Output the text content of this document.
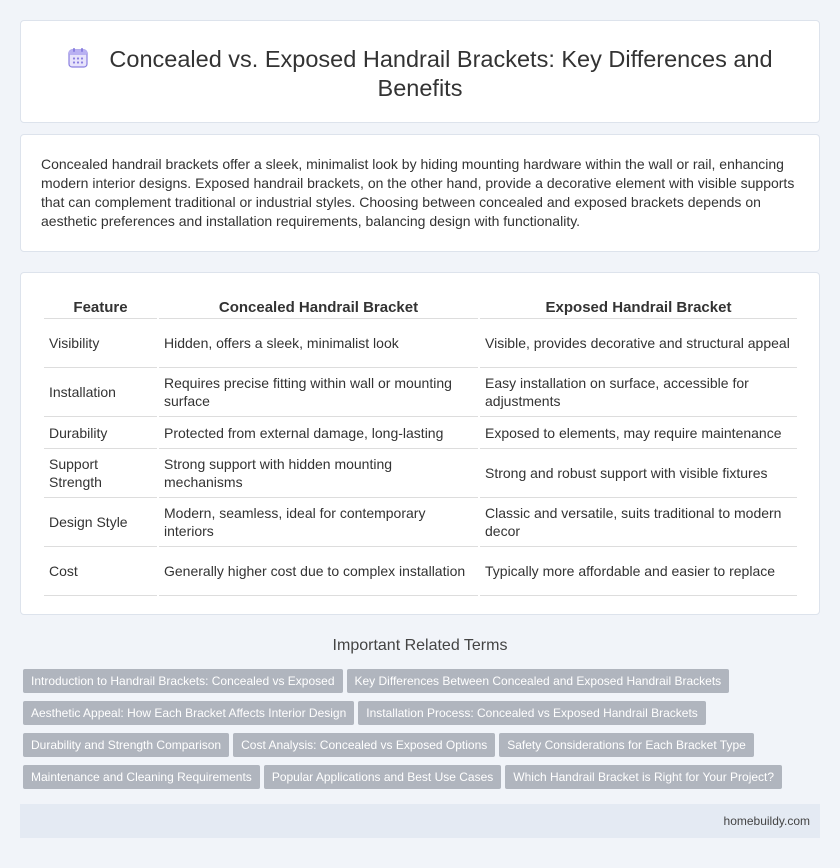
Concealed vs. Exposed Handrail Brackets: Key Differences and Benefits

Concealed handrail brackets offer a sleek, minimalist look by hiding mounting hardware within the wall or rail, enhancing modern interior designs. Exposed handrail brackets, on the other hand, provide a decorative element with visible supports that can complement traditional or industrial styles. Choosing between concealed and exposed brackets depends on aesthetic preferences and installation requirements, balancing design with functionality.

Feature	Concealed Handrail Bracket	Exposed Handrail Bracket
Visibility	Hidden, offers a sleek, minimalist look	Visible, provides decorative and structural appeal
Installation	Requires precise fitting within wall or mounting surface	Easy installation on surface, accessible for adjustments
Durability	Protected from external damage, long-lasting	Exposed to elements, may require maintenance
Support Strength	Strong support with hidden mounting mechanisms	Strong and robust support with visible fixtures
Design Style	Modern, seamless, ideal for contemporary interiors	Classic and versatile, suits traditional to modern decor
Cost	Generally higher cost due to complex installation	Typically more affordable and easier to replace
Important Related Terms
Introduction to Handrail Brackets: Concealed vs Exposed Key Differences Between Concealed and Exposed Handrail BracketsAesthetic Appeal: How Each Bracket Affects Interior Design Installation Process: Concealed vs Exposed Handrail BracketsDurability and Strength Comparison Cost Analysis: Concealed vs Exposed Options Safety Considerations for Each Bracket TypeMaintenance and Cleaning Requirements Popular Applications and Best Use Cases Which Handrail Bracket is Right for Your Project?
homebuildy.com
